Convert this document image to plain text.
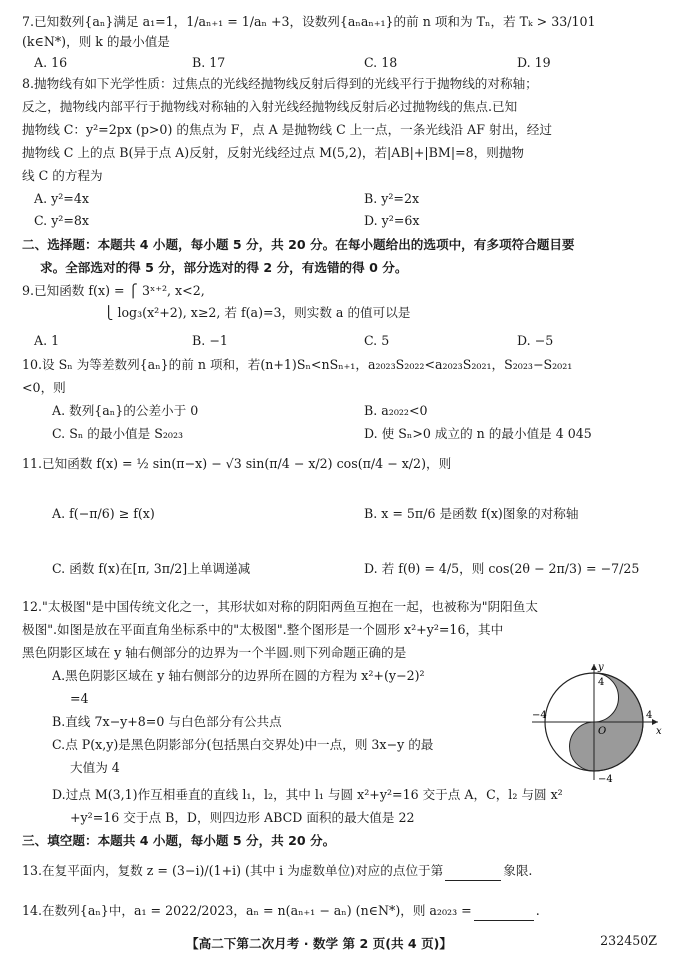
7.已知数列{aₙ}满足 a₁=1，1/aₙ₊₁ = 1/aₙ +3，设数列{aₙaₙ₊₁}的前 n 项和为 Tₙ，若 Tₖ > 33/101
(k∈N*)，则 k 的最小值是
A. 16	B. 17	C. 18	D. 19
8.抛物线有如下光学性质：过焦点的光线经抛物线反射后得到的光线平行于抛物线的对称轴；
反之，抛物线内部平行于抛物线对称轴的入射光线经抛物线反射后必过抛物线的焦点.已知
抛物线 C：y²=2px (p>0) 的焦点为 F，点 A 是抛物线 C 上一点，一条光线沿 AF 射出，经过
抛物线 C 上的点 B(异于点 A)反射，反射光线经过点 M(5,2)，若|AB|+|BM|=8，则抛物
线 C 的方程为
A. y²=4x	B. y²=2x
C. y²=8x	D. y²=6x
二、选择题：本题共 4 小题，每小题 5 分，共 20 分。在每小题给出的选项中，有多项符合题目要
求。全部选对的得 5 分，部分选对的得 2 分，有选错的得 0 分。
9.已知函数 f(x) = ⎧ 3ˣ⁺², x<2,
⎩ log₃(x²+2), x≥2, 若 f(a)=3，则实数 a 的值可以是
A. 1	B. −1	C. 5	D. −5
10.设 Sₙ 为等差数列{aₙ}的前 n 项和，若(n+1)Sₙ<nSₙ₊₁，a₂₀₂₃S₂₀₂₂<a₂₀₂₃S₂₀₂₁，S₂₀₂₃−S₂₀₂₁
<0，则
A. 数列{aₙ}的公差小于 0	B. a₂₀₂₂<0
C. Sₙ 的最小值是 S₂₀₂₃	D. 使 Sₙ>0 成立的 n 的最小值是 4 045
11.已知函数 f(x) = ½ sin(π−x) − √3 sin(π/4 − x/2) cos(π/4 − x/2)，则
A. f(−π/6) ≥ f(x)	B. x = 5π/6 是函数 f(x)图象的对称轴
C. 函数 f(x)在[π, 3π/2]上单调递减	D. 若 f(θ) = 4/5，则 cos(2θ − 2π/3) = −7/25
12."太极图"是中国传统文化之一，其形状如对称的阴阳两鱼互抱在一起，也被称为"阴阳鱼太
极图".如图是放在平面直角坐标系中的"太极图".整个图形是一个圆形 x²+y²=16，其中
黑色阴影区域在 y 轴右侧部分的边界为一个半圆.则下列命题正确的是
A.黑色阴影区域在 y 轴右侧部分的边界所在圆的方程为 x²+(y−2)²
=4
B.直线 7x−y+8=0 与白色部分有公共点
C.点 P(x,y)是黑色阴影部分(包括黑白交界处)中一点，则 3x−y 的最
大值为 4
D.过点 M(3,1)作互相垂直的直线 l₁，l₂，其中 l₁ 与圆 x²+y²=16 交于点 A，C，l₂ 与圆 x²
+y²=16 交于点 B，D，则四边形 ABCD 面积的最大值是 22
y
x
4
−4
−4	4
O
三、填空题：本题共 4 小题，每小题 5 分，共 20 分。
13.在复平面内，复数 z = (3−i)/(1+i) (其中 i 为虚数单位)对应的点位于第	象限.
14.在数列{aₙ}中，a₁ = 2022/2023，aₙ = n(aₙ₊₁ − aₙ) (n∈N*)，则 a₂₀₂₃ =	.
【高二下第二次月考 · 数学 第 2 页(共 4 页)】	232450Z
